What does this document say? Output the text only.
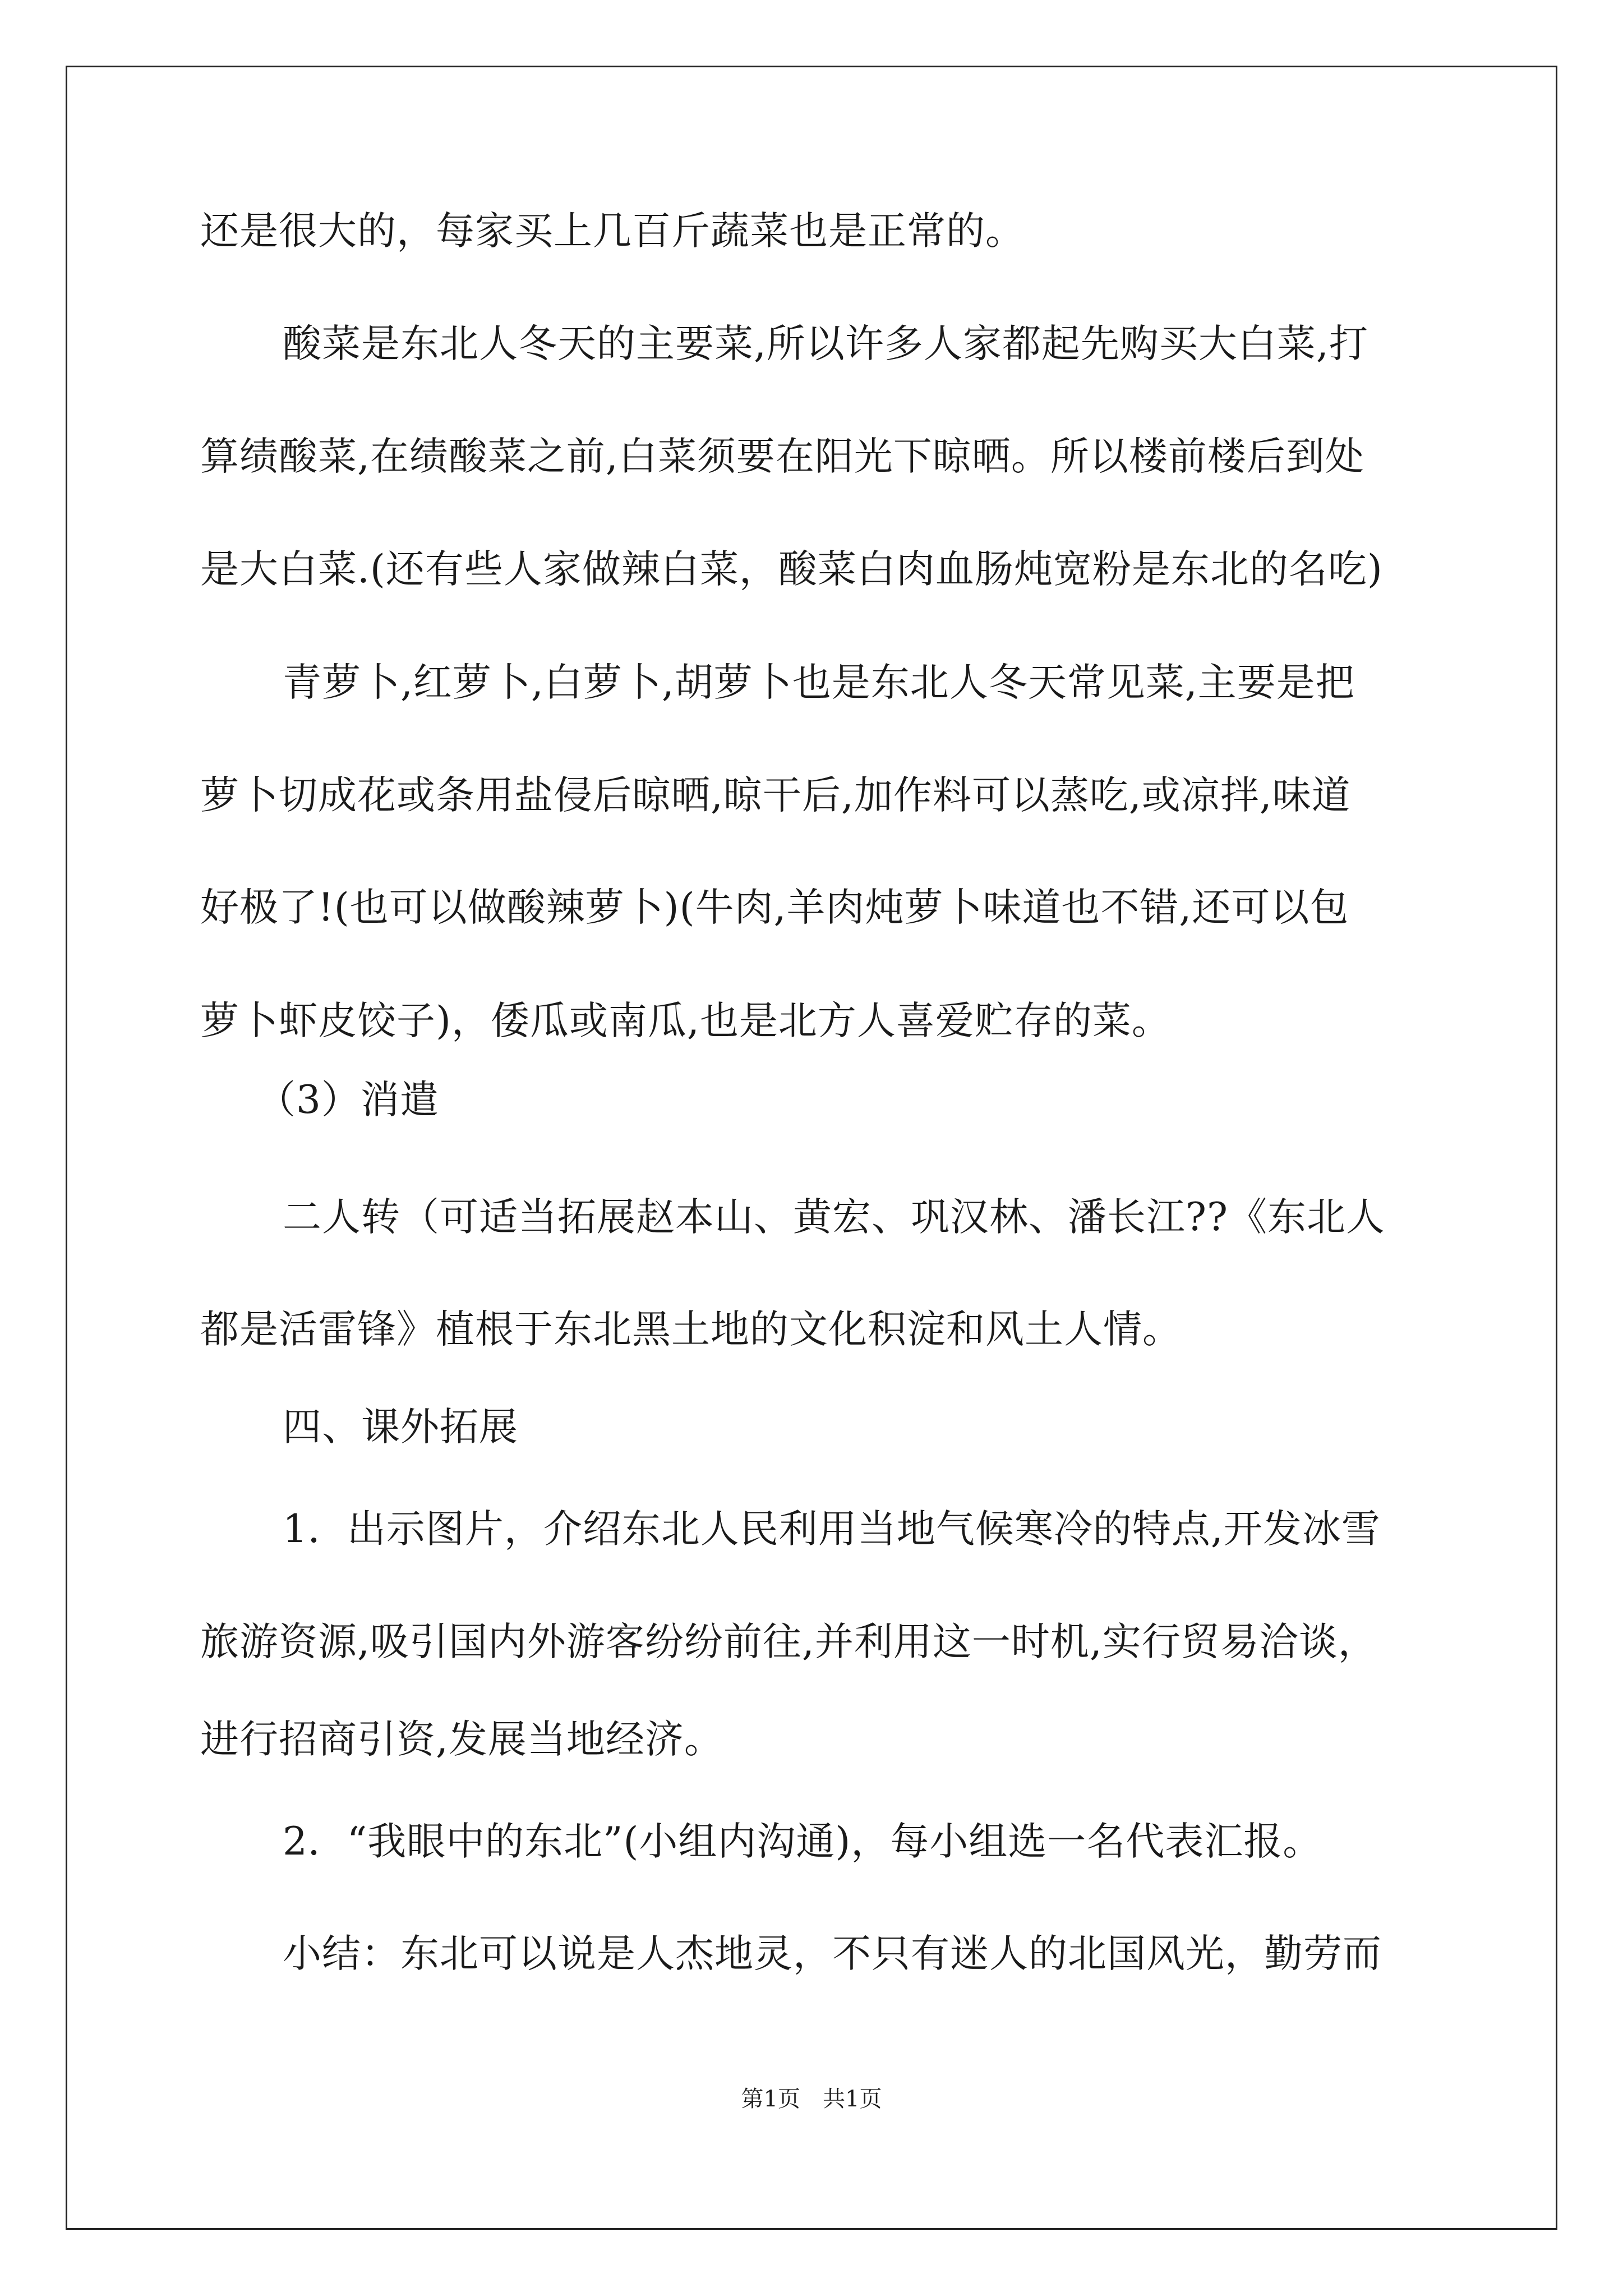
还是很大的，每家买上几百斤蔬菜也是正常的。
酸菜是东北人冬天的主要菜,所以许多人家都起先购买大白菜,打
算绩酸菜,在绩酸菜之前,白菜须要在阳光下晾晒。所以楼前楼后到处
是大白菜.(还有些人家做辣白菜，酸菜白肉血肠炖宽粉是东北的名吃)
青萝卜,红萝卜,白萝卜,胡萝卜也是东北人冬天常见菜,主要是把
萝卜切成花或条用盐侵后晾晒,晾干后,加作料可以蒸吃,或凉拌,味道
好极了!(也可以做酸辣萝卜)(牛肉,羊肉炖萝卜味道也不错,还可以包
萝卜虾皮饺子)，倭瓜或南瓜,也是北方人喜爱贮存的菜。
（3）消遣
二人转（可适当拓展赵本山、黄宏、巩汉林、潘长江??《东北人
都是活雷锋》植根于东北黑土地的文化积淀和风土人情。
四、课外拓展
1．出示图片，介绍东北人民利用当地气候寒冷的特点,开发冰雪
旅游资源,吸引国内外游客纷纷前往,并利用这一时机,实行贸易洽谈，
进行招商引资,发展当地经济。
2．“我眼中的东北”(小组内沟通)，每小组选一名代表汇报。
小结：东北可以说是人杰地灵，不只有迷人的北国风光，勤劳而
第1页　共1页
